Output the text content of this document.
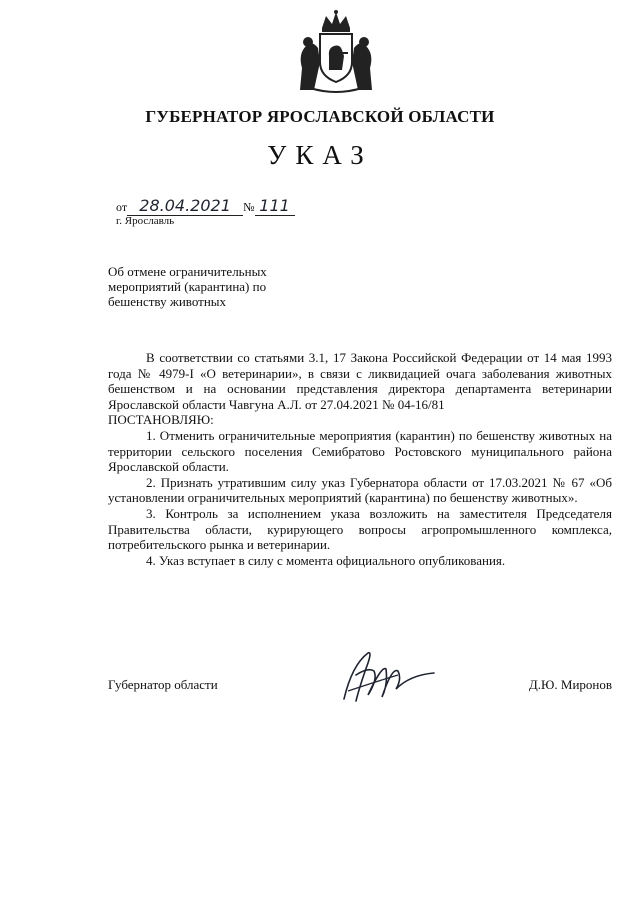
ГУБЕРНАТОР ЯРОСЛАВСКОЙ ОБЛАСТИ
УКАЗ
от 28.04.2021 № 111
г. Ярославль
Об отмене ограничительных мероприятий (карантина) по бешенству животных

В соответствии со статьями 3.1, 17 Закона Российской Федерации от 14 мая 1993 года № 4979-I «О ветеринарии», в связи с ликвидацией очага заболевания животных бешенством и на основании представления директора департамента ветеринарии Ярославской области Чавгуна А.Л. от 27.04.2021 № 04-16/81

ПОСТАНОВЛЯЮ:

1. Отменить ограничительные мероприятия (карантин) по бешенству животных на территории сельского поселения Семибратово Ростовского муниципального района Ярославской области.

2. Признать утратившим силу указ Губернатора области от 17.03.2021 № 67 «Об установлении ограничительных мероприятий (карантина) по бешенству животных».

3. Контроль за исполнением указа возложить на заместителя Председателя Правительства области, курирующего вопросы агропромышленного комплекса, потребительского рынка и ветеринарии.

4. Указ вступает в силу с момента официального опубликования.

Губернатор области	Д.Ю. Миронов
